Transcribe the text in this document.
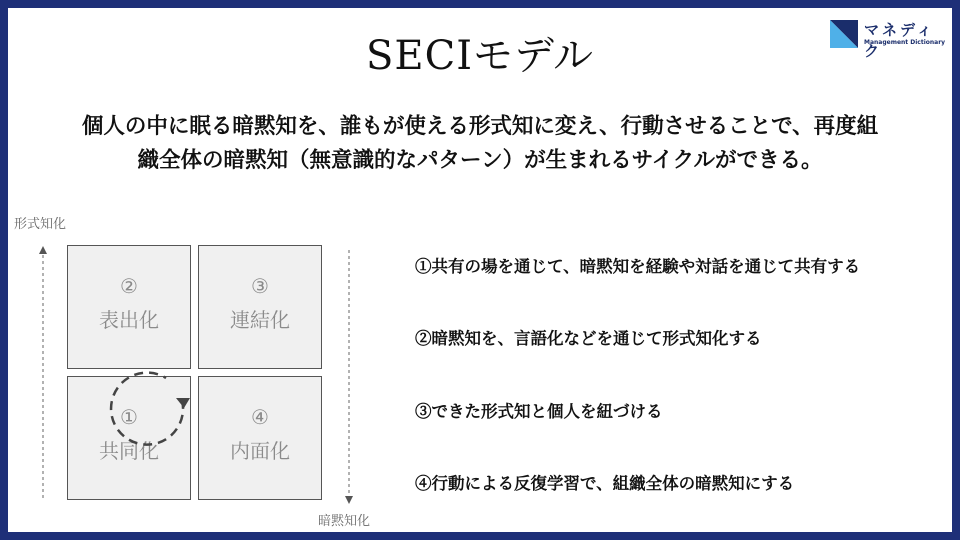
SECIモデル
マネディク
Management Dictionary
個人の中に眠る暗黙知を、誰もが使える形式知に変え、行動させることで、再度組
織全体の暗黙知（無意識的なパターン）が生まれるサイクルができる。
形式知化
暗黙知化
②
表出化
③
連結化
①
共同化
④
内面化
①共有の場を通じて、暗黙知を経験や対話を通じて共有する
②暗黙知を、言語化などを通じて形式知化する
③できた形式知と個人を紐づける
④行動による反復学習で、組織全体の暗黙知にする
